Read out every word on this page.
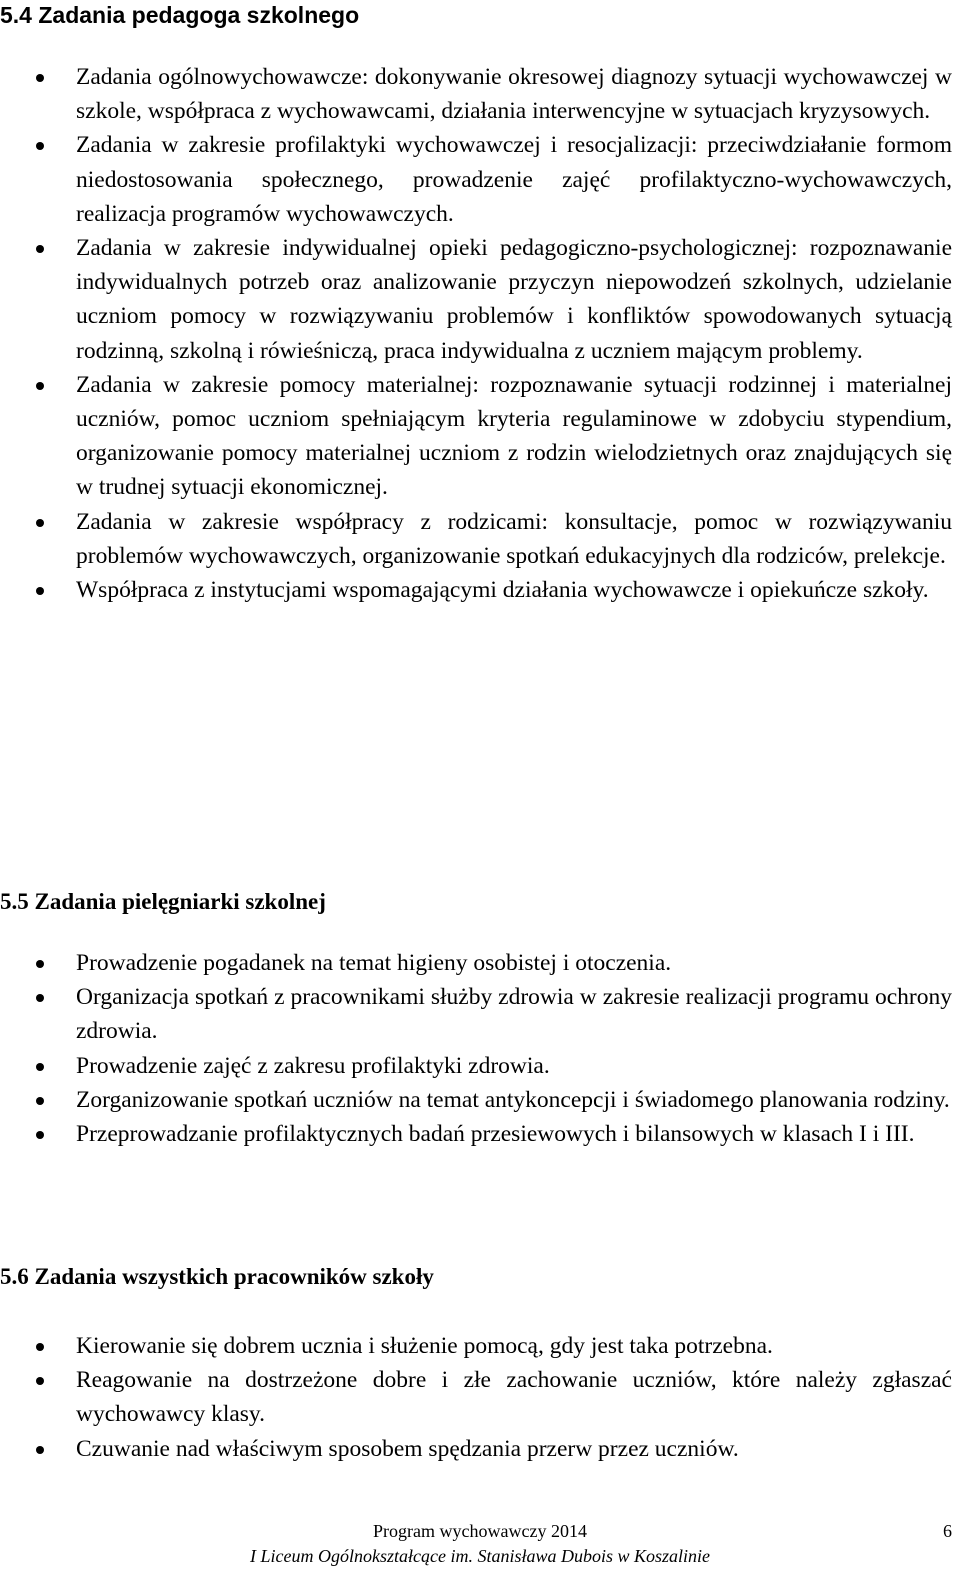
5.4 Zadania pedagoga szkolnego
Zadania ogólnowychowawcze: dokonywanie okresowej diagnozy sytuacji wychowawczej w szkole, współpraca z wychowawcami, działania interwencyjne w sytuacjach kryzysowych.
Zadania w zakresie profilaktyki wychowawczej i resocjalizacji: przeciwdziałanie formom niedostosowania społecznego, prowadzenie zajęć profilaktyczno-wychowawczych, realizacja programów wychowawczych.
Zadania w zakresie indywidualnej opieki pedagogiczno-psychologicznej: rozpoznawanie indywidualnych potrzeb oraz analizowanie przyczyn niepowodzeń szkolnych, udzielanie uczniom pomocy w rozwiązywaniu problemów i konfliktów spowodowanych sytuacją rodzinną, szkolną i rówieśniczą, praca indywidualna z uczniem mającym problemy.
Zadania w zakresie pomocy materialnej: rozpoznawanie sytuacji rodzinnej i materialnej uczniów, pomoc uczniom spełniającym kryteria regulaminowe w zdobyciu stypendium, organizowanie pomocy materialnej uczniom z rodzin wielodzietnych oraz znajdujących się w trudnej sytuacji ekonomicznej.
Zadania w zakresie współpracy z rodzicami: konsultacje, pomoc w rozwiązywaniu problemów wychowawczych, organizowanie spotkań edukacyjnych dla rodziców, prelekcje.
Współpraca z instytucjami wspomagającymi działania wychowawcze i opiekuńcze szkoły.
5.5 Zadania pielęgniarki szkolnej
Prowadzenie pogadanek na temat higieny osobistej i otoczenia.
Organizacja spotkań z pracownikami służby zdrowia w zakresie realizacji programu ochrony zdrowia.
Prowadzenie zajęć z zakresu profilaktyki zdrowia.
Zorganizowanie spotkań uczniów na temat antykoncepcji i świadomego planowania rodziny.
Przeprowadzanie profilaktycznych badań przesiewowych i bilansowych w klasach I i III.
5.6 Zadania wszystkich pracowników szkoły
Kierowanie się dobrem ucznia i służenie pomocą, gdy jest taka potrzebna.
Reagowanie na dostrzeżone dobre i złe zachowanie uczniów, które należy zgłaszać wychowawcy klasy.
Czuwanie nad właściwym sposobem spędzania przerw przez uczniów.
Program wychowawczy 2014	6
I Liceum Ogólnokształcące im. Stanisława Dubois w Koszalinie
